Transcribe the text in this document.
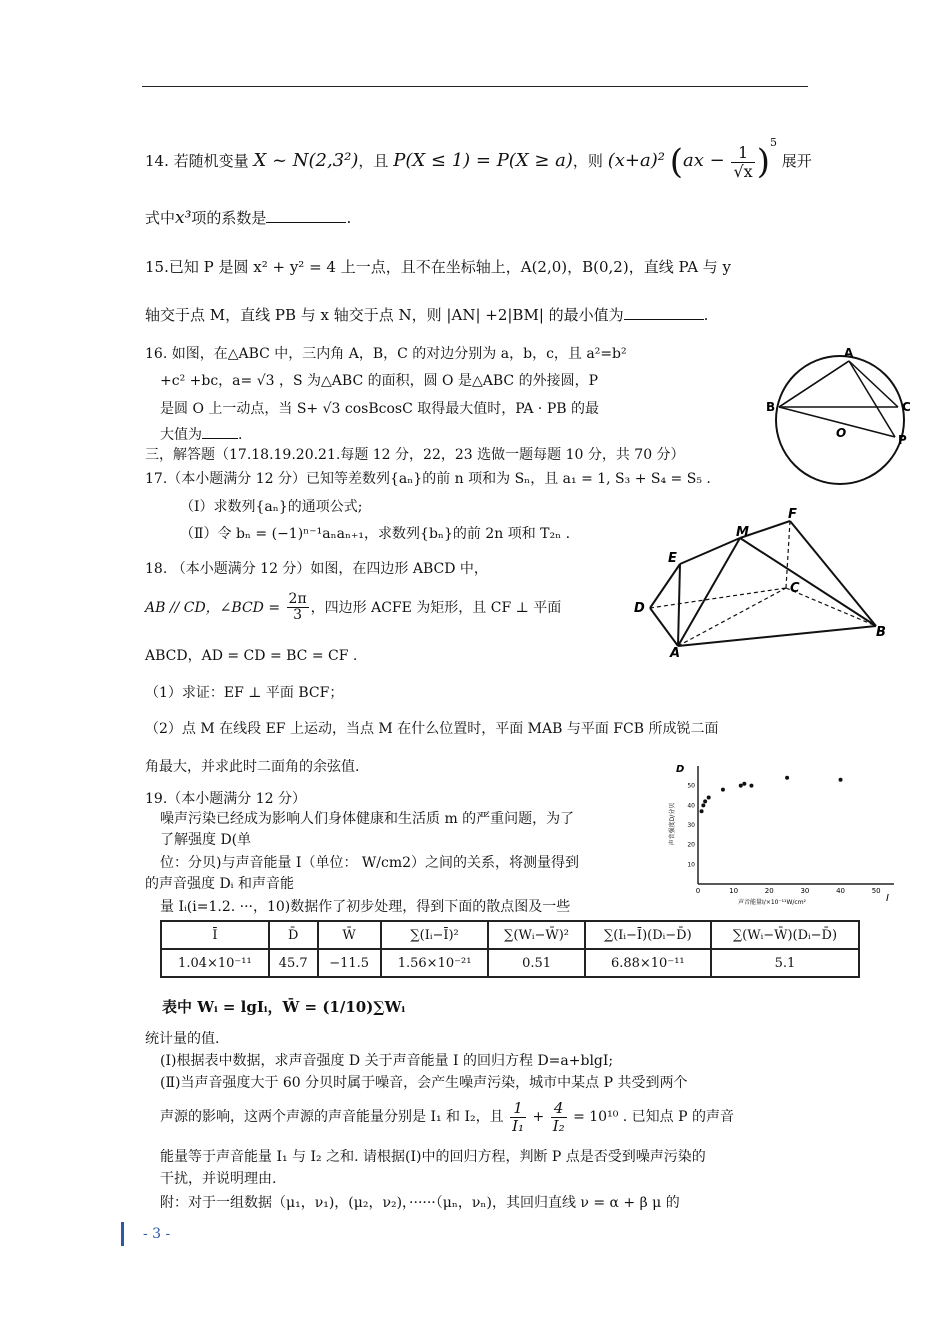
14. 若随机变量 X ~ N(2,3²)，且 P(X ≤ 1) = P(X ≥ a)，则 (x+a)² $(ax - \frac{1}{√x} )^5$ 展开
式中x³项的系数是	.
15.已知 P 是圆 x² + y² = 4 上一点，且不在坐标轴上，A(2,0)，B(0,2)，直线 PA 与 y
轴交于点 M，直线 PB 与 x 轴交于点 N，则 |AN| +2|BM| 的最小值为	.
16. 如图，在△ABC 中，三内角 A，B，C 的对边分别为 a，b，c，且 a²=b²
+c² +bc，a= √3 ，S 为△ABC 的面积，圆 O 是△ABC 的外接圆，P
是圆 O 上一动点，当 S+ √3 cosBcosC 取得最大值时，PA · PB 的最
大值为	.
A
B	C
O	P
三，解答题（17.18.19.20.21.每题 12 分，22，23 选做一题每题 10 分，共 70 分）
17.（本小题满分 12 分）已知等差数列{aₙ}的前 n 项和为 Sₙ，且 a₁ = 1, S₃ + S₄ = S₅ .
（Ⅰ）求数列{aₙ}的通项公式;
（Ⅱ）令 bₙ = (−1)ⁿ⁻¹aₙaₙ₊₁，求数列{bₙ}的前 2n 项和 T₂ₙ .
18. （本小题满分 12 分）如图，在四边形 ABCD 中，
AB // CD，∠BCD = $\frac{2\pi}{3}$ ，四边形 ACFE 为矩形，且 CF ⊥ 平面
ABCD，AD = CD = BC = CF .
（1）求证：EF ⊥ 平面 BCF；
（2）点 M 在线段 EF 上运动，当点 M 在什么位置时，平面 MAB 与平面 FCB 所成锐二面
角最大，并求此时二面角的余弦值.
E
F
M
C
D
A
B
19.（本小题满分 12 分）
噪声污染已经成为影响人们身体健康和生活质 m 的严重问题，为了
了解强度 D(单
位：分贝)与声音能量 I（单位： W/cm2）之间的关系，将测量得到
的声音强度 Dᵢ 和声音能
量 Iᵢ(i=1.2. ···，10)数据作了初步处理，得到下面的散点图及一些
D
I
声音强度D/分贝
声音能量I/×10⁻¹¹W/cm²
0	10	20	30	40	50
50
40
30
20
10
Ī	D̄	W̄	∑(Iᵢ−Ī)²	∑(Wᵢ−W̄)²	∑(Iᵢ−Ī)(Dᵢ−D̄)	∑(Wᵢ−W̄)(Dᵢ−D̄)
1.04×10⁻¹¹	45.7	−11.5	1.56×10⁻²¹	0.51	6.88×10⁻¹¹	5.1
表中 Wᵢ = lgIᵢ，W̄ = (1/10)∑Wᵢ
统计量的值.
(Ⅰ)根据表中数据，求声音强度 D 关于声音能量 I 的回归方程 D=a+blgI;
(Ⅱ)当声音强度大于 60 分贝时属于噪音，会产生噪声污染，城市中某点 P 共受到两个
声源的影响，这两个声源的声音能量分别是 I₁ 和 I₂，且 $\frac{1}{\text{I₁}} + \frac{4}{\text{I₂}} = 10^{10}$ . 已知点 P 的声音
能量等于声音能量 I₁ 与 I₂ 之和. 请根据(Ⅰ)中的回归方程，判断 P 点是否受到噪声污染的
干扰，并说明理由.
附：对于一组数据（μ₁，ν₁)，(μ₂，ν₂)，······（μₙ，νₙ)，其回归直线 ν = α + β μ 的
- 3 -
